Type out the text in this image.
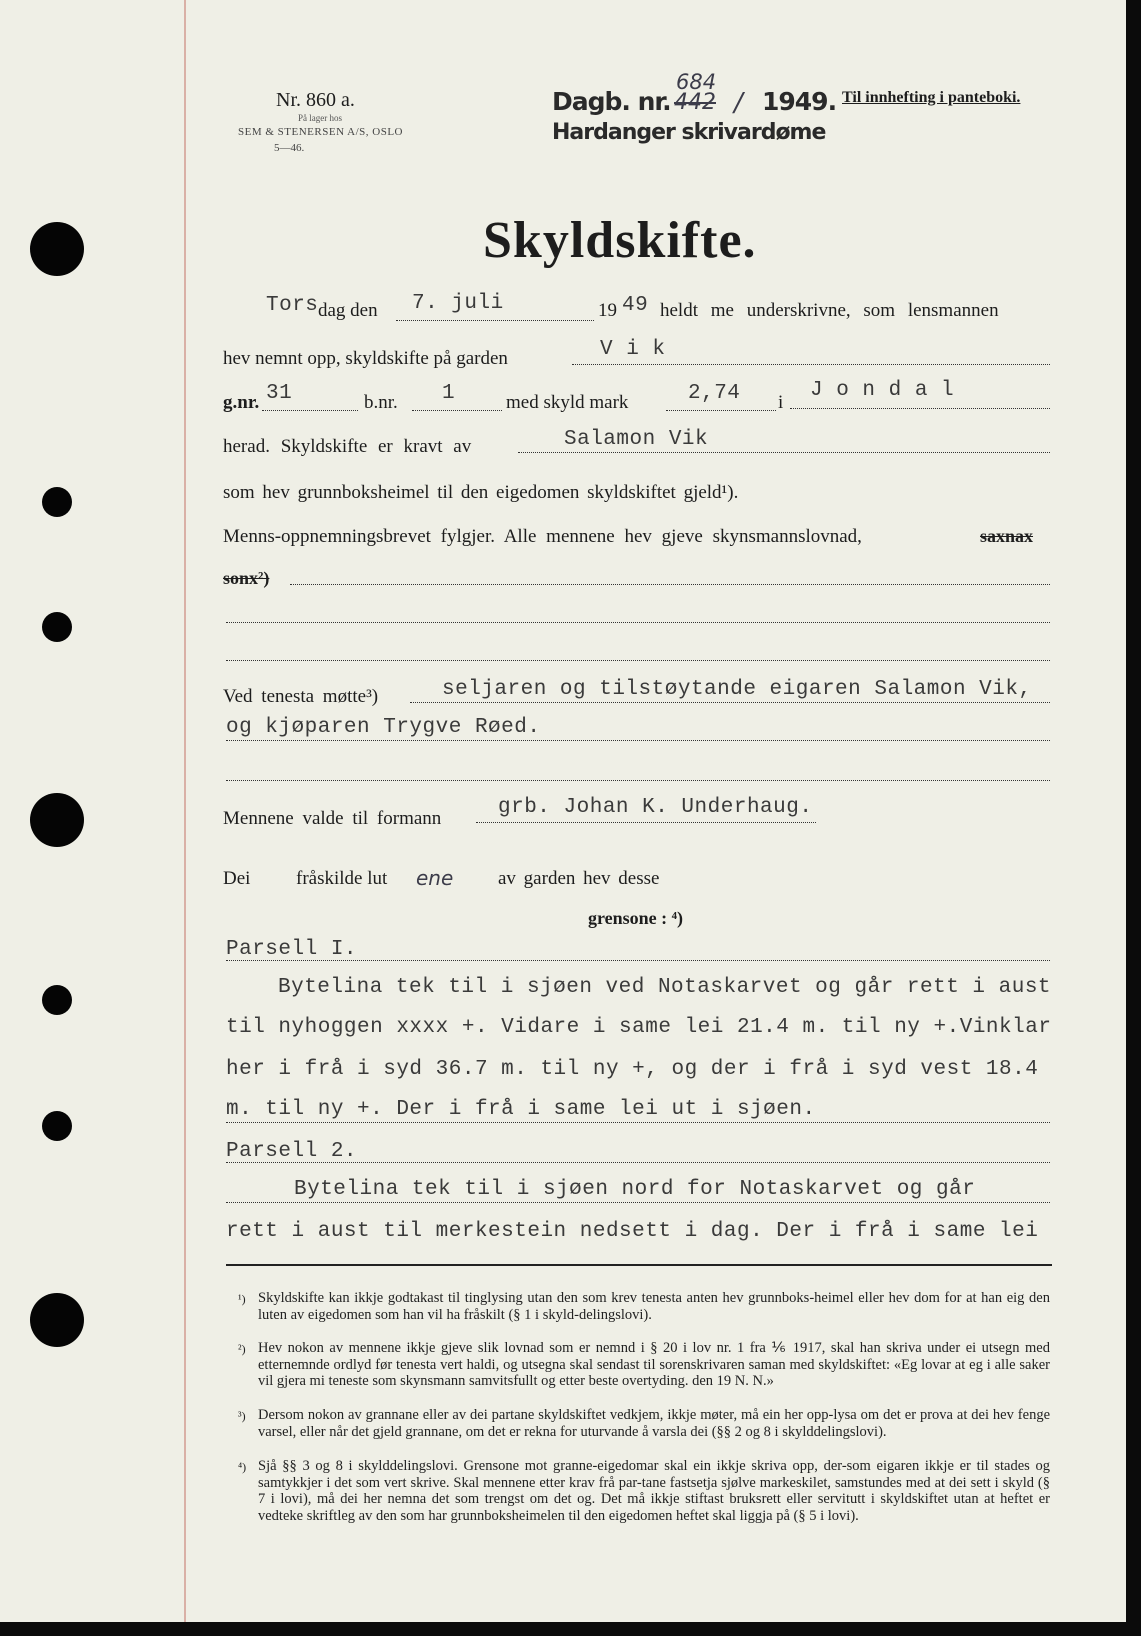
Nr. 860 a.
På lager hos
SEM & STENERSEN A/S, OSLO
5—46.
Dagb. nr.
684
442 / 1949.
Hardanger skrivardøme
Til innhefting i panteboki.
Skyldskifte.
Tors dag den 7. juli	19 49 heldt me underskrivne, som lensmannen
hev nemnt opp, skyldskifte på garden	V i k
g.nr. 31	b.nr. 1	med skyld mark	2,74 i
J o n d a l
herad. Skyldskifte er kravt av	Salamon Vik
som hev grunnboksheimel til den eigedomen skyldskiftet gjeld¹).
Menns-oppnemningsbrevet fylgjer. Alle mennene hev gjeve skynsmannslovnad,	saxnax
sonx²)
Ved tenesta møtte³)	seljaren og tilstøytande eigaren Salamon Vik,
og kjøparen Trygve Røed.
Mennene valde til formann	grb. Johan K. Underhaug.
Dei fråskilde lut ene av garden hev desse
grensone : ⁴)
Parsell I.
Bytelina tek til i sjøen ved Notaskarvet og går rett i aust
til nyhoggen xxxx +. Vidare i same lei 21.4 m. til ny +.Vinklar
her i frå i syd 36.7 m. til ny +, og der i frå i syd vest 18.4
m. til ny +. Der i frå i same lei ut i sjøen.
Parsell 2.
Bytelina tek til i sjøen nord for Notaskarvet og går
rett i aust til merkestein nedsett i dag. Der i frå i same lei
¹) Skyldskifte kan ikkje godtakast til tinglysing utan den som krev tenesta anten hev grunnboks-heimel eller hev dom for at han eig den luten av eigedomen som han vil ha fråskilt (§ 1 i skyld-delingslovi).
²) Hev nokon av mennene ikkje gjeve slik lovnad som er nemnd i § 20 i lov nr. 1 fra ⅙ 1917, skal han skriva under ei utsegn med etternemnde ordlyd før tenesta vert haldi, og utsegna skal sendast til sorenskrivaren saman med skyldskiftet: «Eg lovar at eg i alle saker vil gjera mi teneste som skynsmann samvitsfullt og etter beste overtyding. den 19 N. N.»
³) Dersom nokon av grannane eller av dei partane skyldskiftet vedkjem, ikkje møter, må ein her opp-lysa om det er prova at dei hev fenge varsel, eller når det gjeld grannane, om det er rekna for uturvande å varsla dei (§§ 2 og 8 i skylddelingslovi).
⁴) Sjå §§ 3 og 8 i skylddelingslovi. Grensone mot granne-eigedomar skal ein ikkje skriva opp, der-som eigaren ikkje er til stades og samtykkjer i det som vert skrive. Skal mennene etter krav frå par-tane fastsetja sjølve markeskilet, samstundes med at dei sett i skyld (§ 7 i lovi), må dei her nemna det som trengst om det og. Det må ikkje stiftast bruksrett eller servitutt i skyldskiftet utan at heftet er vedteke skriftleg av den som har grunnboksheimelen til den eigedomen heftet skal liggja på (§ 5 i lovi).
